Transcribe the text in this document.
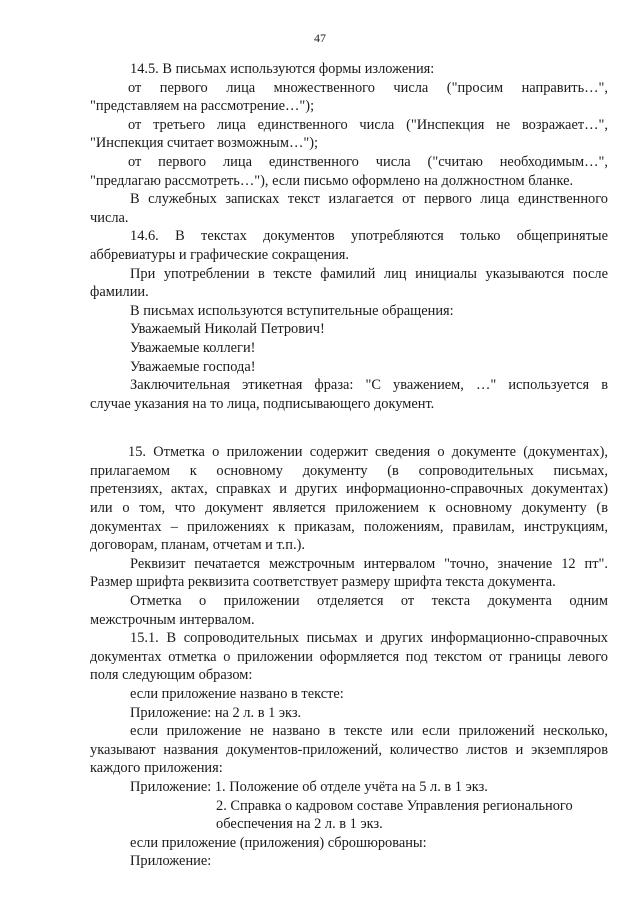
47

14.5. В письмах используются формы изложения:

от первого лица множественного числа ("просим направить…",

"представляем на рассмотрение…");

от третьего лица единственного числа ("Инспекция не возражает…",

"Инспекция считает возможным…");

от первого лица единственного числа ("считаю необходимым…",

"предлагаю рассмотреть…"), если письмо оформлено на должностном бланке.

В служебных записках текст излагается от первого лица единственного

числа.

14.6. В текстах документов употребляются только общепринятые

аббревиатуры и графические сокращения.

При употреблении в тексте фамилий лиц инициалы указываются после

фамилии.

В письмах используются вступительные обращения:

Уважаемый Николай Петрович!

Уважаемые коллеги!

Уважаемые господа!

Заключительная этикетная фраза: "С уважением, …" используется в

случае указания на то лица, подписывающего документ.

15. Отметка о приложении содержит сведения о документе (документах),

прилагаемом к основному документу (в сопроводительных письмах,

претензиях, актах, справках и других информационно-справочных документах)

или о том, что документ является приложением к основному документу (в

документах – приложениях к приказам, положениям, правилам, инструкциям,

договорам, планам, отчетам и т.п.).

Реквизит печатается межстрочным интервалом "точно, значение 12 пт".

Размер шрифта реквизита соответствует размеру шрифта текста документа.

Отметка о приложении отделяется от текста документа одним

межстрочным интервалом.

15.1. В сопроводительных письмах и других информационно-справочных

документах отметка о приложении оформляется под текстом от границы левого

поля следующим образом:

если приложение названо в тексте:

Приложение: на 2 л. в 1 экз.

если приложение не названо в тексте или если приложений несколько,

указывают названия документов-приложений, количество листов и экземпляров

каждого приложения:

Приложение: 1. Положение об отделе учёта на 5 л. в 1 экз.

2. Справка о кадровом составе Управления регионального

обеспечения на 2 л. в 1 экз.

если приложение (приложения) сброшюрованы:

Приложение:
